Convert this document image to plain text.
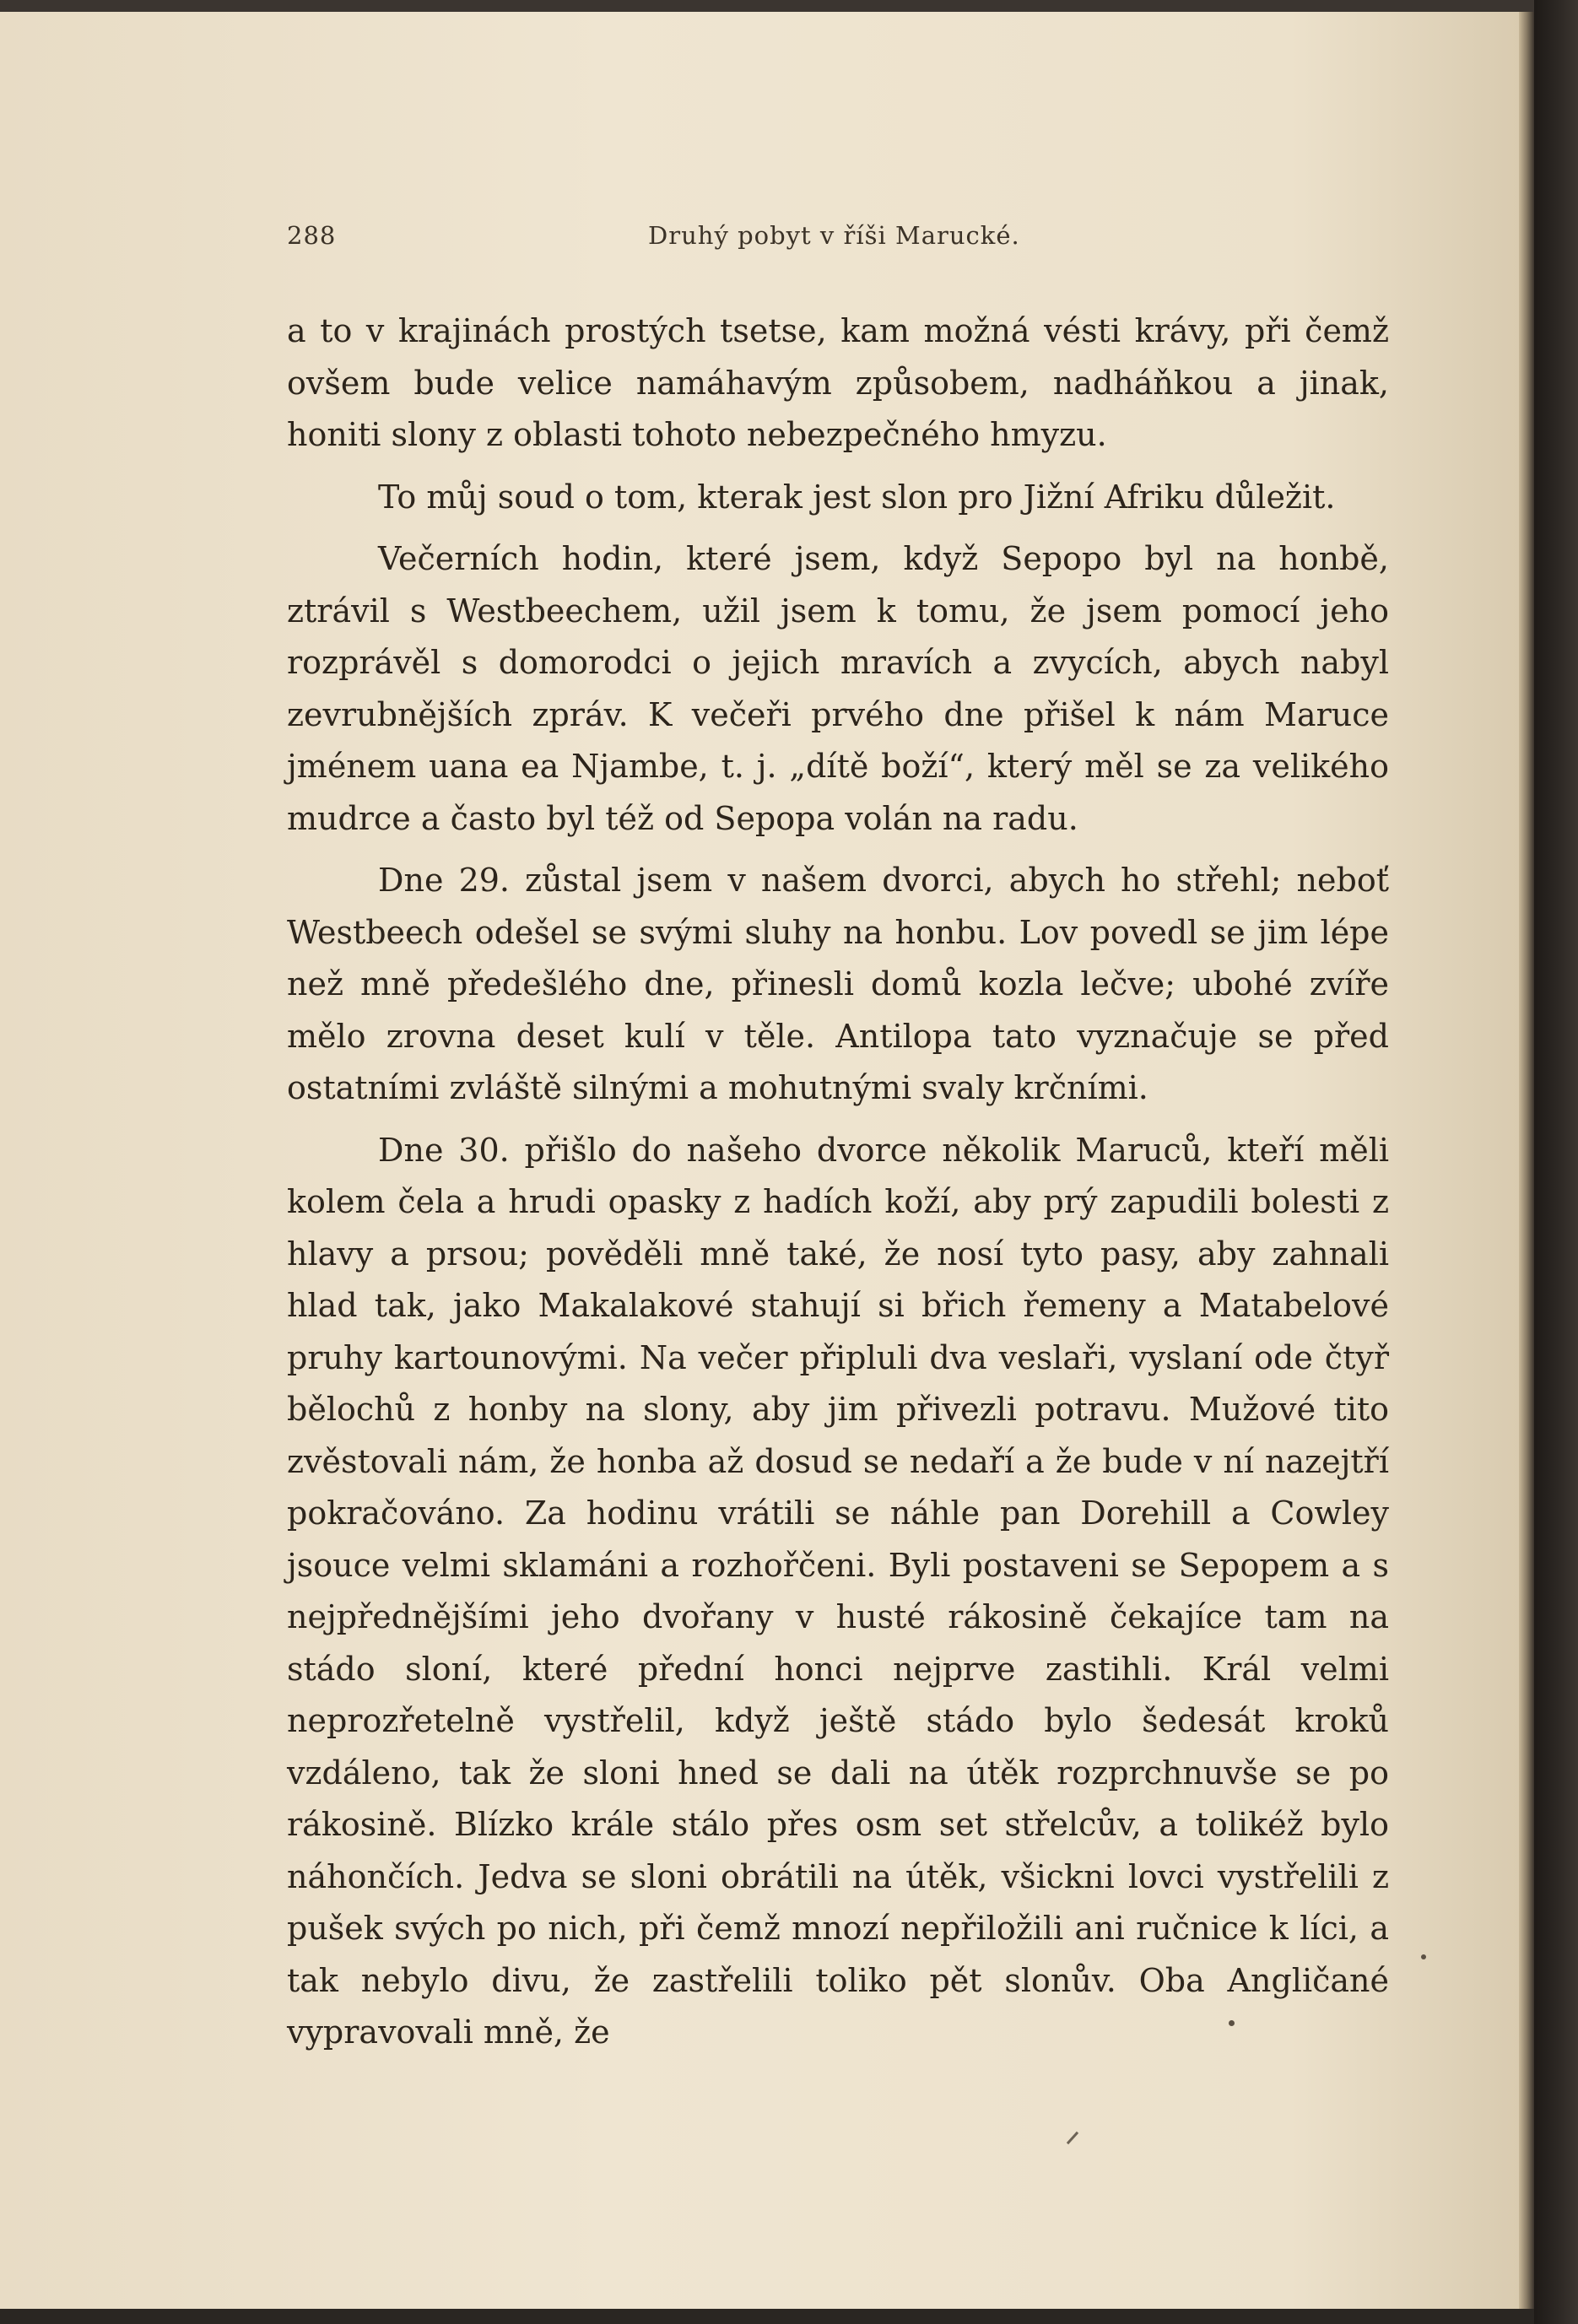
288	Druhý pobyt v říši Marucké.

a to v krajinách prostých tsetse, kam možná vésti krávy, při čemž ovšem bude velice namáhavým způsobem, nadháňkou a jinak, honiti slony z oblasti tohoto nebezpečného hmyzu.

To můj soud o tom, kterak jest slon pro Jižní Afriku důležit.

Večerních hodin, které jsem, když Sepopo byl na honbě, ztrávil s Westbeechem, užil jsem k tomu, že jsem pomocí jeho rozprávěl s domorodci o jejich mravích a zvycích, abych nabyl zevrubnějších zpráv. K večeři prvého dne přišel k nám Maruce jménem uana ea Njambe, t. j. „dítě boží“, který měl se za velikého mudrce a často byl též od Sepopa volán na radu.

Dne 29. zůstal jsem v našem dvorci, abych ho střehl; neboť Westbeech odešel se svými sluhy na honbu. Lov povedl se jim lépe než mně předešlého dne, přinesli domů kozla lečve; ubohé zvíře mělo zrovna deset kulí v těle. Antilopa tato vyznačuje se před ostatními zvláště silnými a mohutnými svaly krčními.

Dne 30. přišlo do našeho dvorce několik Maruců, kteří měli kolem čela a hrudi opasky z hadích koží, aby prý zapudili bolesti z hlavy a prsou; pověděli mně také, že nosí tyto pasy, aby zahnali hlad tak, jako Makalakové stahují si břich řemeny a Matabelové pruhy kartounovými. Na večer připluli dva veslaři, vyslaní ode čtyř bělochů z honby na slony, aby jim přivezli potravu. Mužové tito zvěstovali nám, že honba až dosud se nedaří a že bude v ní nazejtří pokračováno. Za hodinu vrátili se náhle pan Dorehill a Cowley jsouce velmi sklamáni a rozhořčeni. Byli postaveni se Sepopem a s nejpřednějšími jeho dvořany v husté rákosině čekajíce tam na stádo sloní, které přední honci nejprve zastihli. Král velmi neprozřetelně vystřelil, když ještě stádo bylo šedesát kroků vzdáleno, tak že sloni hned se dali na útěk rozprchnuvše se po rákosině. Blízko krále stálo přes osm set střelcův, a tolikéž bylo náhončích. Jedva se sloni obrátili na útěk, všickni lovci vystřelili z pušek svých po nich, při čemž mnozí nepřiložili ani ručnice k líci, a tak nebylo divu, že zastřelili toliko pět slonův. Oba Angličané vypravovali mně, že
